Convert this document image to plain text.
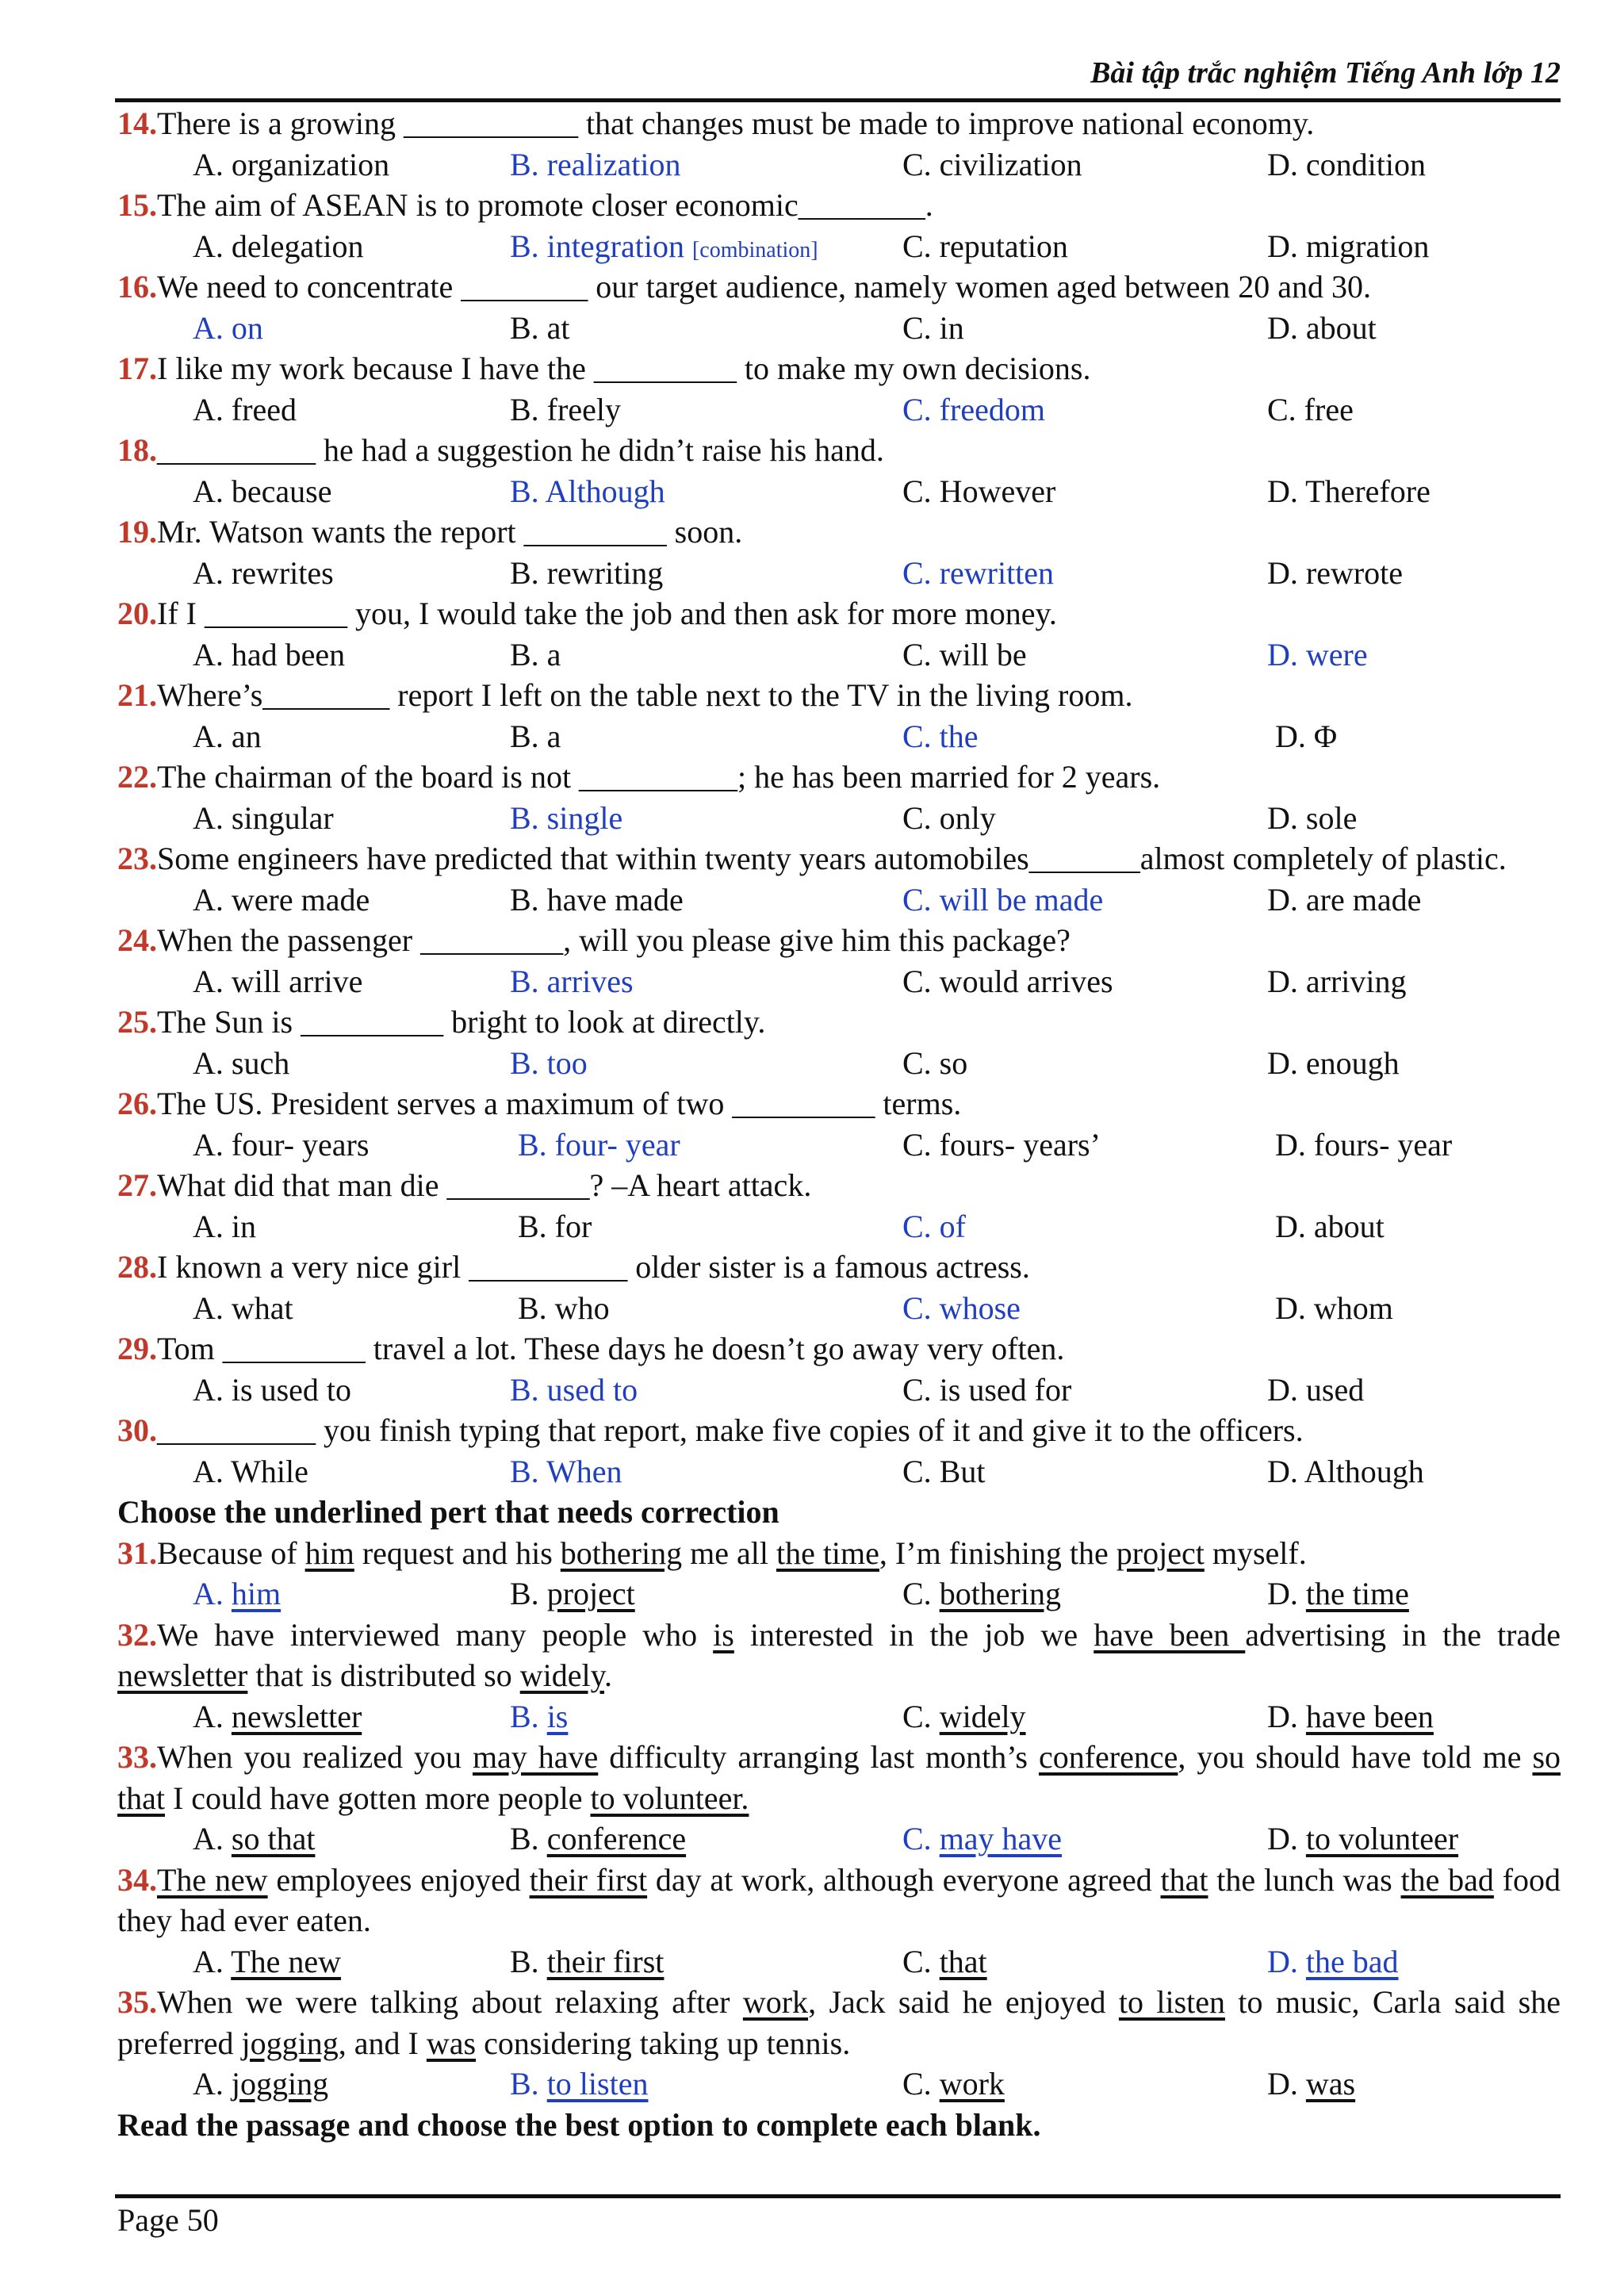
Bài tập trắc nghiệm Tiếng Anh lớp 12

14.There is a growing ___________ that changes must be made to improve national economy.

A. organization	B. realization	C. civilization	D. condition

15.The aim of ASEAN is to promote closer economic________.

A. delegation	B. integration [combination]	C. reputation	D. migration

16.We need to concentrate ________ our target audience, namely women aged between 20 and 30.

A. on	B. at	C. in	D. about

17.I like my work because I have the _________ to make my own decisions.

A. freed	B. freely	C. freedom	C. free

18.__________ he had a suggestion he didn’t raise his hand.

A. because	B. Although	C. However	D. Therefore

19.Mr. Watson wants the report _________ soon.

A. rewrites	B. rewriting	C. rewritten	D. rewrote

20.If I _________ you, I would take the job and then ask for more money.

A. had been	B. a	C. will be	D. were

21.Where’s________ report I left on the table next to the TV in the living room.

A. an	B. a	C. the	D. Φ

22.The chairman of the board is not __________; he has been married for 2 years.

A. singular	B. single	C. only	D. sole

23.Some engineers have predicted that within twenty years automobiles_______almost completely of plastic.

A. were made	B. have made	C. will be made	D. are made

24.When the passenger _________, will you please give him this package?

A. will arrive	B. arrives	C. would arrives	D. arriving

25.The Sun is _________ bright to look at directly.

A. such	B. too	C. so	D. enough

26.The US. President serves a maximum of two _________ terms.

A. four- years	B. four- year	C. fours- years’	D. fours- year

27.What did that man die _________? –A heart attack.

A. in	B. for	C. of	D. about

28.I known a very nice girl __________ older sister is a famous actress.

A. what	B. who	C. whose	D. whom

29.Tom _________ travel a lot. These days he doesn’t go away very often.

A. is used to	B. used to	C. is used for	D. used

30.__________ you finish typing that report, make five copies of it and give it to the officers.

A. While	B. When	C. But	D. Although

Choose the underlined pert that needs correction

31.Because of him request and his bothering me all the time, I’m finishing the project myself.

A. him	B. project	C. bothering	D. the time

32.We have interviewed many people who is interested in the job we have been advertising in the trade newsletter that is distributed so widely.

A. newsletter	B. is	C. widely	D. have been

33.When you realized you may have difficulty arranging last month’s conference, you should have told me so that I could have gotten more people to volunteer.

A. so that	B. conference	C. may have	D. to volunteer

34.The new employees enjoyed their first day at work, although everyone agreed that the lunch was the bad food they had ever eaten.

A. The new	B. their first	C. that	D. the bad

35.When we were talking about relaxing after work, Jack said he enjoyed to listen to music, Carla said she preferred jogging, and I was considering taking up tennis.

A. jogging	B. to listen	C. work	D. was

Read the passage and choose the best option to complete each blank.

Page 50
